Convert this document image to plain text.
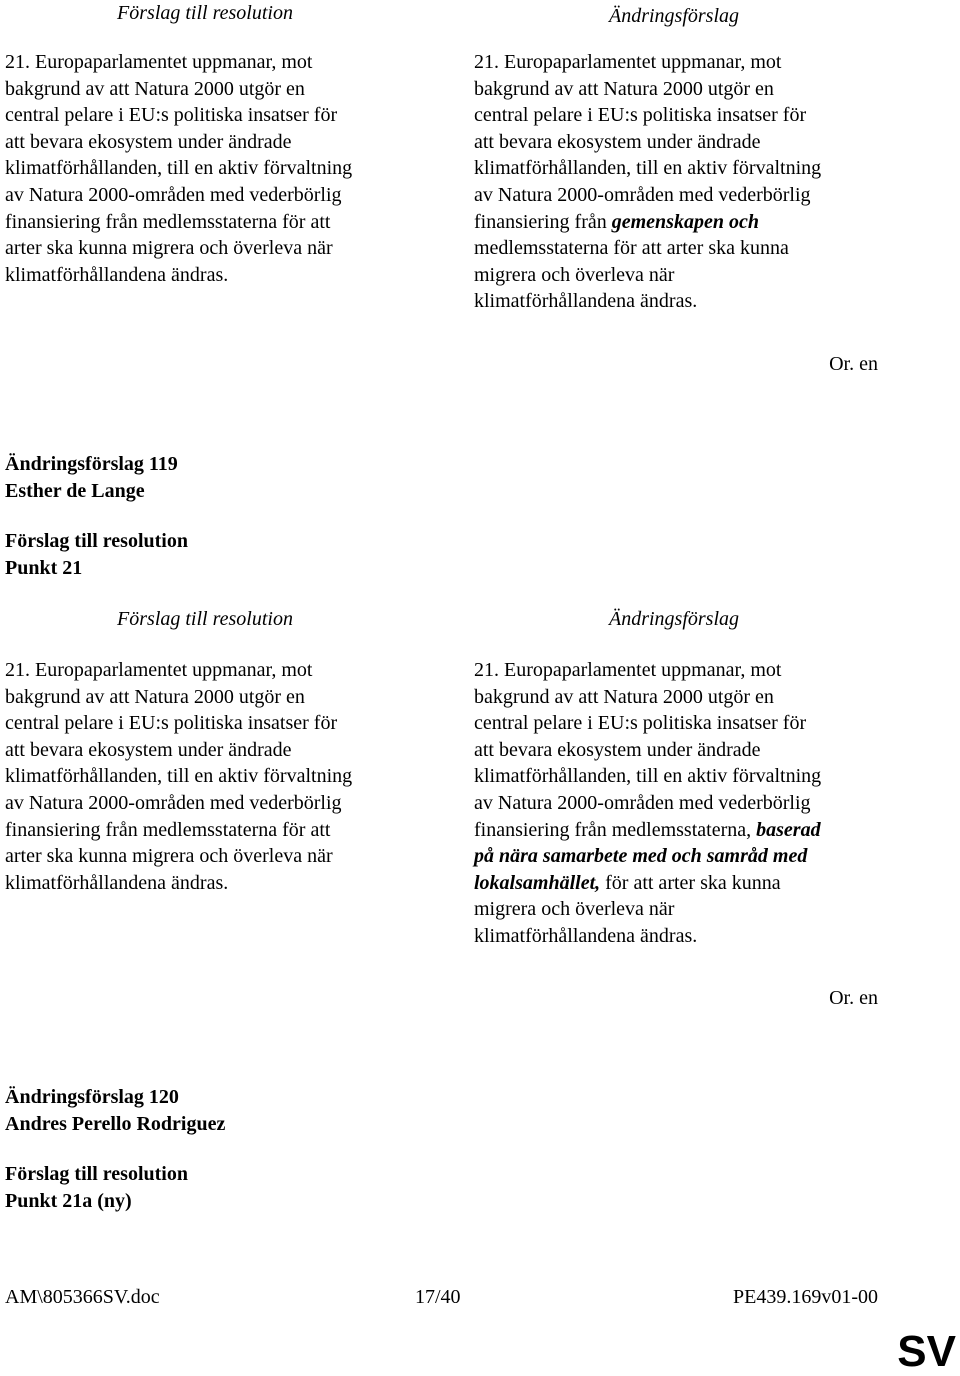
Förslag till resolution	Ändringsförslag

21. Europaparlamentet uppmanar, mot
bakgrund av att Natura 2000 utgör en
central pelare i EU:s politiska insatser för
att bevara ekosystem under ändrade
klimatförhållanden, till en aktiv förvaltning
av Natura 2000-områden med vederbörlig
finansiering från medlemsstaterna för att
arter ska kunna migrera och överleva när
klimatförhållandena ändras.

21. Europaparlamentet uppmanar, mot
bakgrund av att Natura 2000 utgör en
central pelare i EU:s politiska insatser för
att bevara ekosystem under ändrade
klimatförhållanden, till en aktiv förvaltning
av Natura 2000-områden med vederbörlig
finansiering från gemenskapen och
medlemsstaterna för att arter ska kunna
migrera och överleva när
klimatförhållandena ändras.

Or. en
Ändringsförslag 119
Esther de Lange
Förslag till resolution
Punkt 21
Förslag till resolution	Ändringsförslag

21. Europaparlamentet uppmanar, mot
bakgrund av att Natura 2000 utgör en
central pelare i EU:s politiska insatser för
att bevara ekosystem under ändrade
klimatförhållanden, till en aktiv förvaltning
av Natura 2000-områden med vederbörlig
finansiering från medlemsstaterna för att
arter ska kunna migrera och överleva när
klimatförhållandena ändras.

21. Europaparlamentet uppmanar, mot
bakgrund av att Natura 2000 utgör en
central pelare i EU:s politiska insatser för
att bevara ekosystem under ändrade
klimatförhållanden, till en aktiv förvaltning
av Natura 2000-områden med vederbörlig
finansiering från medlemsstaterna, baserad
på nära samarbete med och samråd med
lokalsamhället, för att arter ska kunna
migrera och överleva när
klimatförhållandena ändras.

Or. en
Ändringsförslag 120
Andres Perello Rodriguez
Förslag till resolution
Punkt 21a (ny)
AM\805366SV.doc	17/40	PE439.169v01-00
SV
